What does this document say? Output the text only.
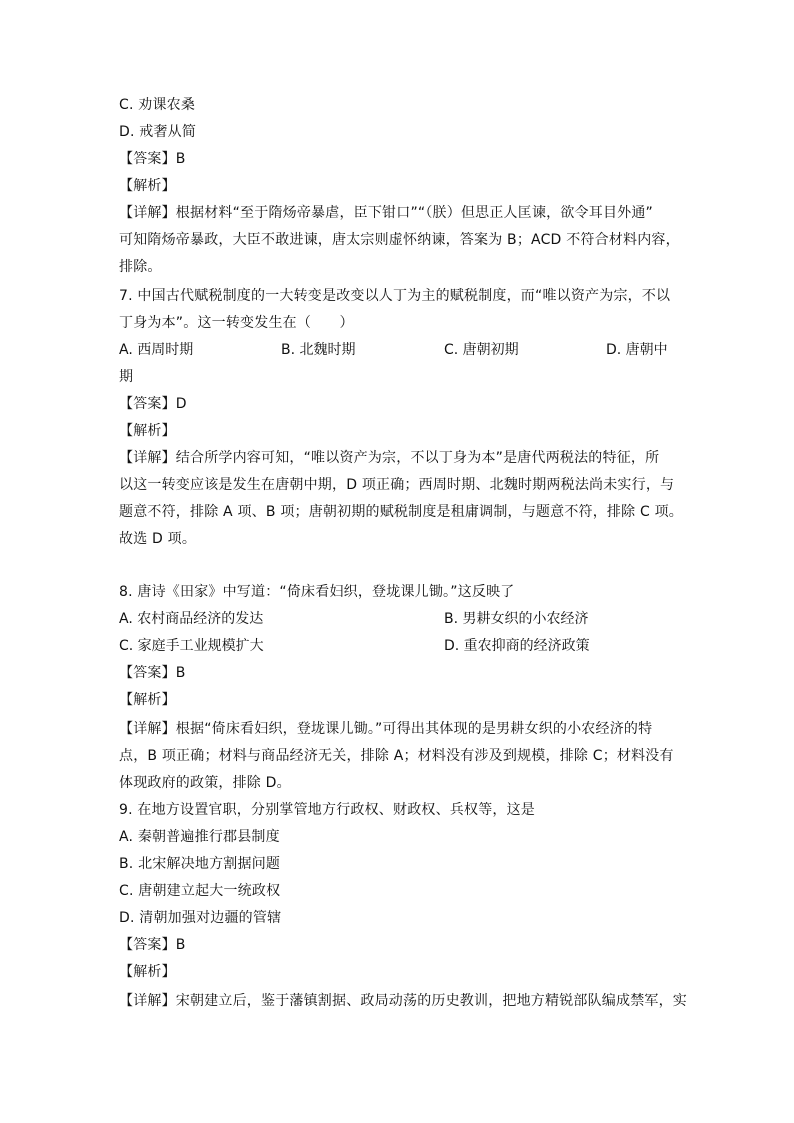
C. 劝课农桑
D. 戒奢从简
【答案】B
【解析】
【详解】根据材料“至于隋炀帝暴虐，臣下钳口”“（朕）但思正人匡谏，欲令耳目外通”
可知隋炀帝暴政，大臣不敢进谏，唐太宗则虚怀纳谏，答案为 B；ACD 不符合材料内容，
排除。
7. 中国古代赋税制度的一大转变是改变以人丁为主的赋税制度，而“唯以资产为宗，不以
丁身为本”。这一转变发生在（　　）
A. 西周时期	B. 北魏时期	C. 唐朝初期	D. 唐朝中
期
【答案】D
【解析】
【详解】结合所学内容可知，“唯以资产为宗，不以丁身为本”是唐代两税法的特征，所
以这一转变应该是发生在唐朝中期，D 项正确；西周时期、北魏时期两税法尚未实行，与
题意不符，排除 A 项、B 项；唐朝初期的赋税制度是租庸调制，与题意不符，排除 C 项。
故选 D 项。
8. 唐诗《田家》中写道：“倚床看妇织，登垅课儿锄。”这反映了
A. 农村商品经济的发达	B. 男耕女织的小农经济
C. 家庭手工业规模扩大	D. 重农抑商的经济政策
【答案】B
【解析】
【详解】根据“倚床看妇织，登垅课儿锄。”可得出其体现的是男耕女织的小农经济的特
点，B 项正确；材料与商品经济无关，排除 A；材料没有涉及到规模，排除 C；材料没有
体现政府的政策，排除 D。
9. 在地方设置官职，分别掌管地方行政权、财政权、兵权等，这是
A. 秦朝普遍推行郡县制度
B. 北宋解决地方割据问题
C. 唐朝建立起大一统政权
D. 清朝加强对边疆的管辖
【答案】B
【解析】
【详解】宋朝建立后，鉴于藩镇割据、政局动荡的历史教训，把地方精锐部队编成禁军，实
